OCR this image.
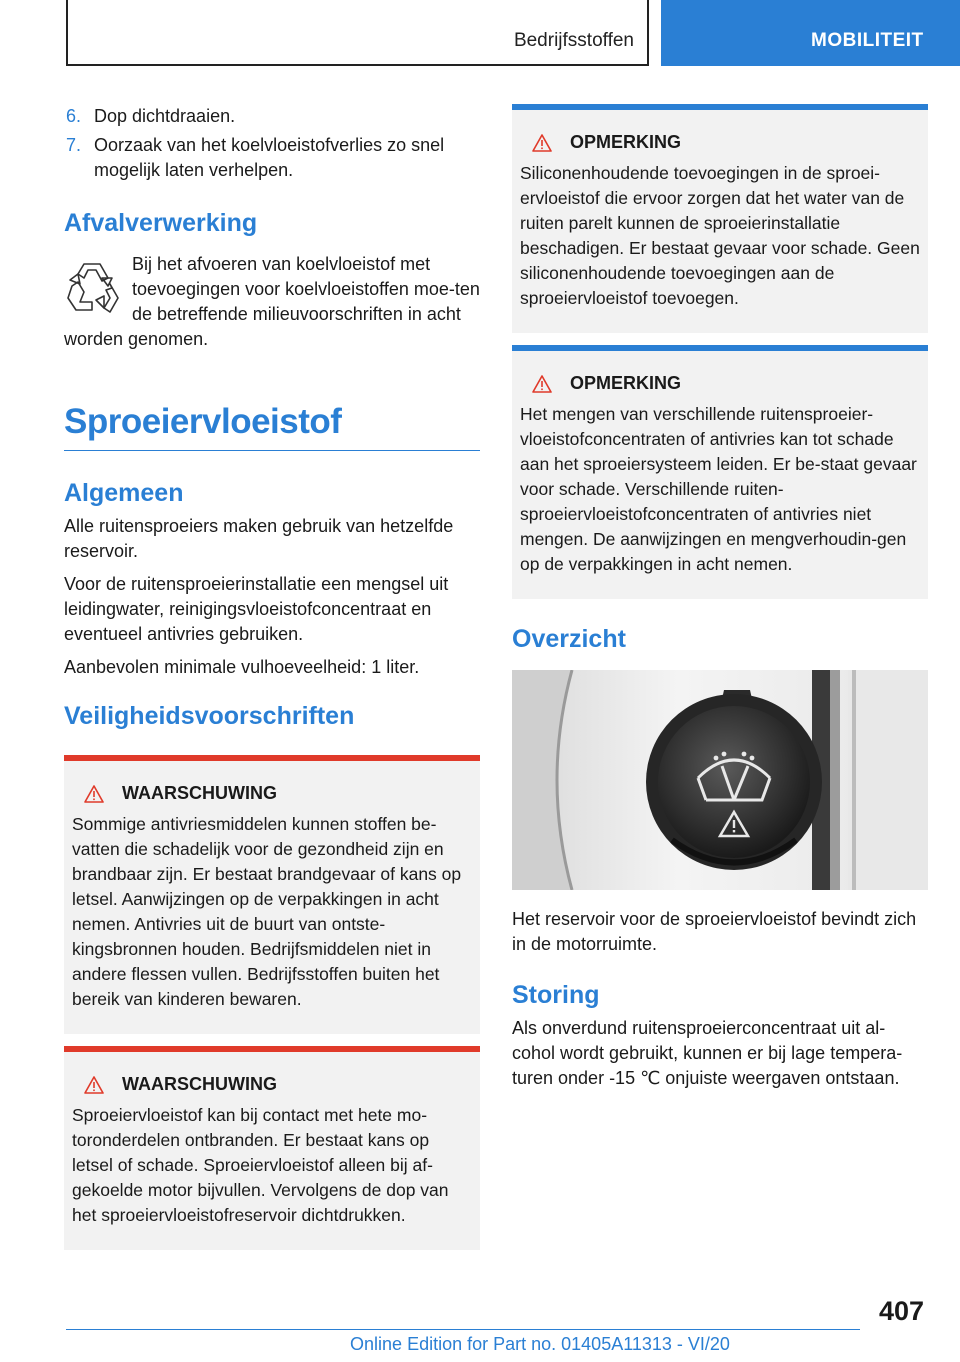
Bedrijfsstoffen	MOBILITEIT
6. Dop dichtdraaien.
7. Oorzaak van het koelvloeistofverlies zo snel mogelijk laten verhelpen.
Afvalverwerking

Bij het afvoeren van koelvloeistof met toevoegingen voor koelvloeistoffen moe-ten de betreffende milieuvoorschriften in acht worden genomen.

Sproeiervloeistof
Algemeen

Alle ruitensproeiers maken gebruik van hetzelfde reservoir.

Voor de ruitensproeierinstallatie een mengsel uit leidingwater, reinigingsvloeistofconcentraat en eventueel antivries gebruiken.

Aanbevolen minimale vulhoeveelheid: 1 liter.

Veiligheidsvoorschriften
WAARSCHUWING

Sommige antivriesmiddelen kunnen stoffen be-vatten die schadelijk voor de gezondheid zijn en brandbaar zijn. Er bestaat brandgevaar of kans op letsel. Aanwijzingen op de verpakkingen in acht nemen. Antivries uit de buurt van ontste-kingsbronnen houden. Bedrijfsmiddelen niet in andere flessen vullen. Bedrijfsstoffen buiten het bereik van kinderen bewaren.

WAARSCHUWING

Sproeiervloeistof kan bij contact met hete mo-toronderdelen ontbranden. Er bestaat kans op letsel of schade. Sproeiervloeistof alleen bij af-gekoelde motor bijvullen. Vervolgens de dop van het sproeiervloeistofreservoir dichtdrukken.

OPMERKING

Siliconenhoudende toevoegingen in de sproei-ervloeistof die ervoor zorgen dat het water van de ruiten parelt kunnen de sproeierinstallatie beschadigen. Er bestaat gevaar voor schade. Geen siliconenhoudende toevoegingen aan de sproeiervloeistof toevoegen.

OPMERKING

Het mengen van verschillende ruitensproeier-vloeistofconcentraten of antivries kan tot schade aan het sproeiersysteem leiden. Er be-staat gevaar voor schade. Verschillende ruiten-sproeiervloeistofconcentraten of antivries niet mengen. De aanwijzingen en mengverhoudin-gen op de verpakkingen in acht nemen.

Overzicht

Het reservoir voor de sproeiervloeistof bevindt zich in de motorruimte.

Storing

Als onverdund ruitensproeierconcentraat uit al-cohol wordt gebruikt, kunnen er bij lage tempera-turen onder -15 ℃ onjuiste weergaven ontstaan.

407
Online Edition for Part no. 01405A11313 - VI/20
